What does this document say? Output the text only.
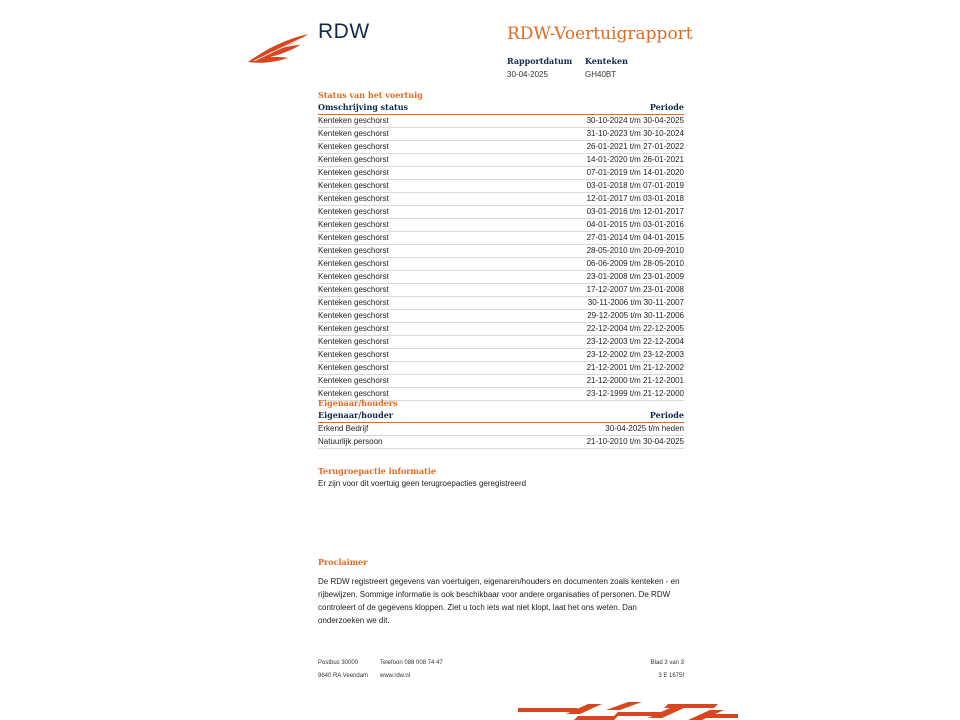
RDW	RDW-Voertuigrapport
Rapportdatum
30-04-2025
Kenteken
GH40BT
Status van het voertuig
Omschrijving status	Periode
Kenteken geschorst	30-10-2024 t/m 30-04-2025
Kenteken geschorst	31-10-2023 t/m 30-10-2024
Kenteken geschorst	26-01-2021 t/m 27-01-2022
Kenteken geschorst	14-01-2020 t/m 26-01-2021
Kenteken geschorst	07-01-2019 t/m 14-01-2020
Kenteken geschorst	03-01-2018 t/m 07-01-2019
Kenteken geschorst	12-01-2017 t/m 03-01-2018
Kenteken geschorst	03-01-2016 t/m 12-01-2017
Kenteken geschorst	04-01-2015 t/m 03-01-2016
Kenteken geschorst	27-01-2014 t/m 04-01-2015
Kenteken geschorst	28-05-2010 t/m 20-09-2010
Kenteken geschorst	06-06-2009 t/m 28-05-2010
Kenteken geschorst	23-01-2008 t/m 23-01-2009
Kenteken geschorst	17-12-2007 t/m 23-01-2008
Kenteken geschorst	30-11-2006 t/m 30-11-2007
Kenteken geschorst	29-12-2005 t/m 30-11-2006
Kenteken geschorst	22-12-2004 t/m 22-12-2005
Kenteken geschorst	23-12-2003 t/m 22-12-2004
Kenteken geschorst	23-12-2002 t/m 23-12-2003
Kenteken geschorst	21-12-2001 t/m 21-12-2002
Kenteken geschorst	21-12-2000 t/m 21-12-2001
Kenteken geschorst	23-12-1999 t/m 21-12-2000
Eigenaar/houders
Eigenaar/houder	Periode
Erkend Bedrijf	30-04-2025 t/m heden
Natuurlijk persoon	21-10-2010 t/m 30-04-2025
Terugroepactie informatie
Er zijn voor dit voertuig geen terugroepacties geregistreerd
Proclaimer
De RDW registreert gegevens van voertuigen, eigenaren/houders en documenten zoals kenteken - en rijbewijzen. Sommige informatie is ook beschikbaar voor andere organisaties of personen. De RDW controleert of de gegevens kloppen. Ziet u toch iets wat niet klopt, laat het ons weten. Dan onderzoeken we dit.
Postbus 30000
9640 RA Veendam
Telefoon 088 008 74 47
www.rdw.nl
Blad 3 van 3
3 E 1675f
